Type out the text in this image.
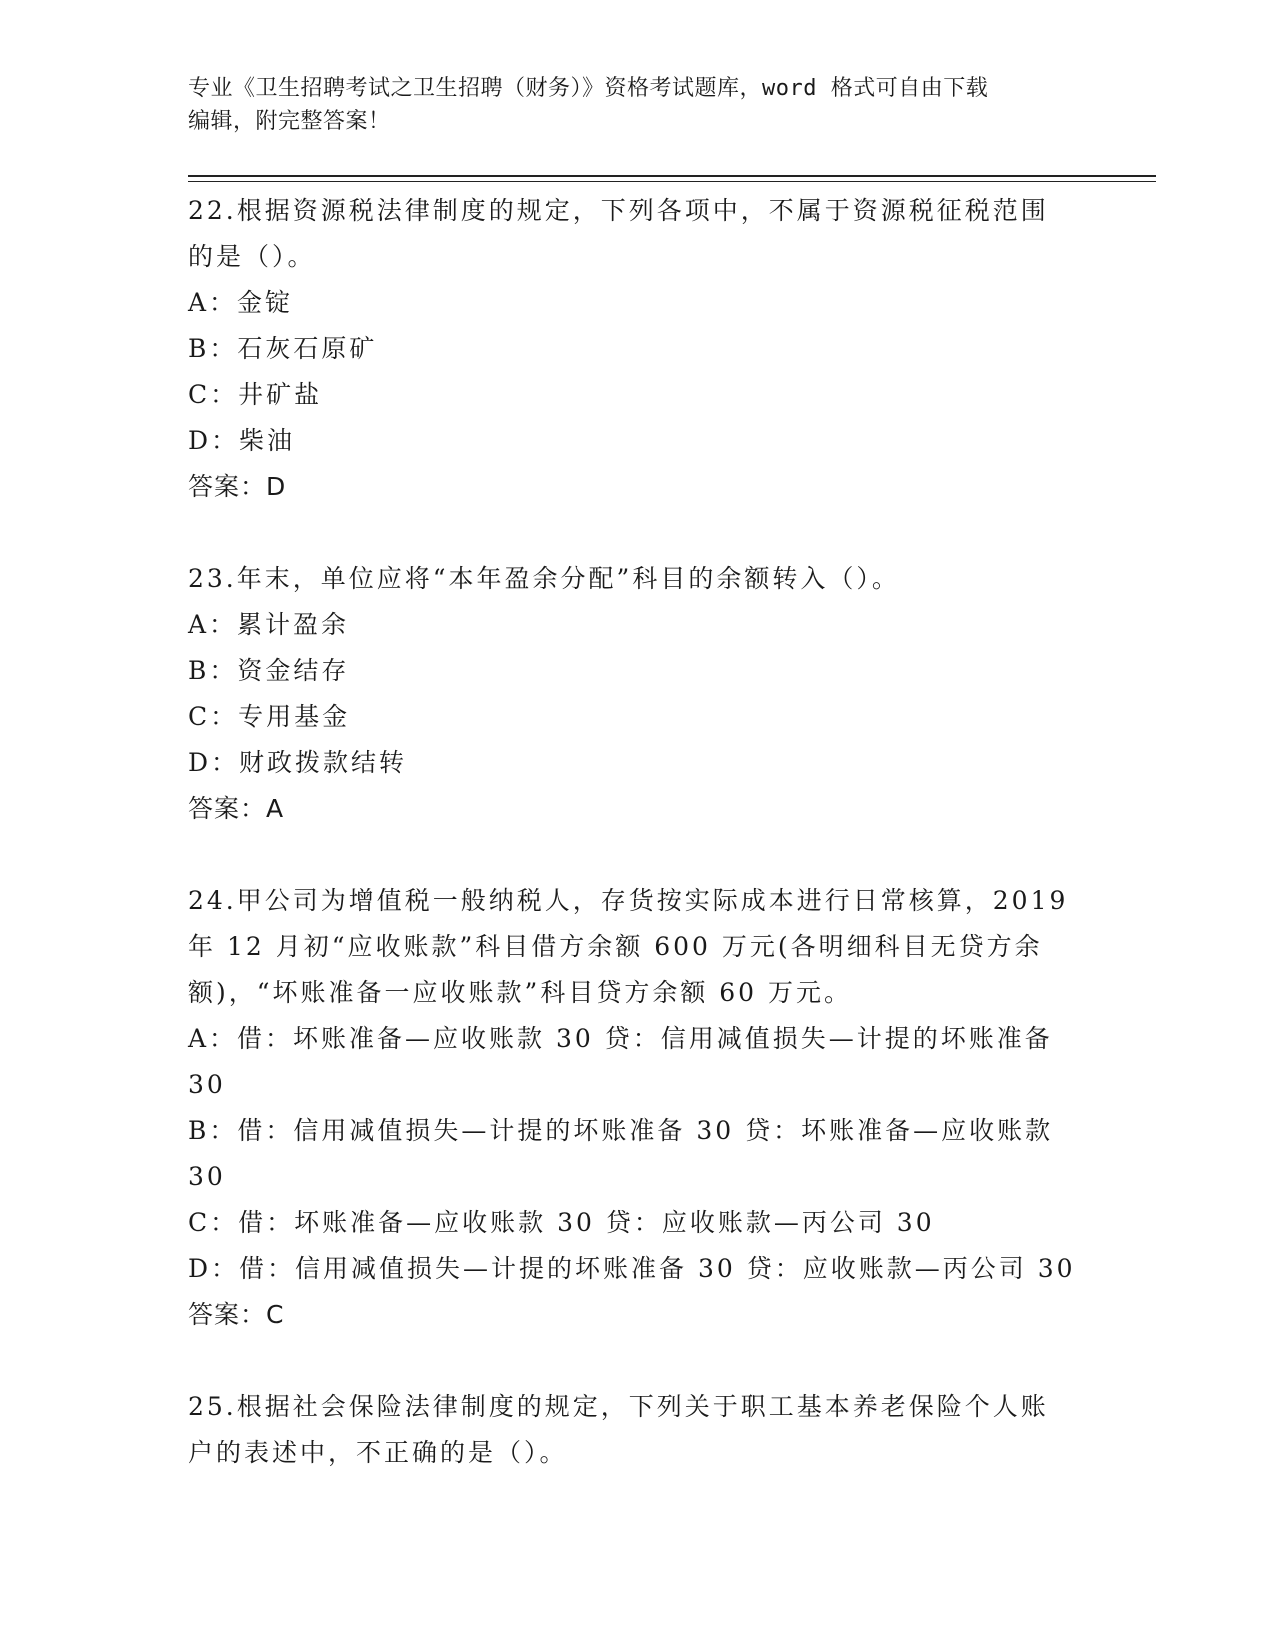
专业《卫生招聘考试之卫生招聘（财务）》资格考试题库，word 格式可自由下载
编辑，附完整答案！
22.根据资源税法律制度的规定，下列各项中，不属于资源税征税范围
的是（）。
A：金锭
B：石灰石原矿
C：井矿盐
D：柴油
答案：D
23.年末，单位应将“本年盈余分配”科目的余额转入（）。
A：累计盈余
B：资金结存
C：专用基金
D：财政拨款结转
答案：A
24.甲公司为增值税一般纳税人，存货按实际成本进行日常核算，2019
年 12 月初“应收账款”科目借方余额 600 万元(各明细科目无贷方余
额)，“坏账准备一应收账款”科目贷方余额 60 万元。
A：借：坏账准备—应收账款 30 贷：信用减值损失—计提的坏账准备
30
B：借：信用减值损失—计提的坏账准备 30 贷：坏账准备—应收账款
30
C：借：坏账准备—应收账款 30 贷：应收账款—丙公司 30
D：借：信用减值损失—计提的坏账准备 30 贷：应收账款—丙公司 30
答案：C
25.根据社会保险法律制度的规定，下列关于职工基本养老保险个人账
户的表述中，不正确的是（）。
